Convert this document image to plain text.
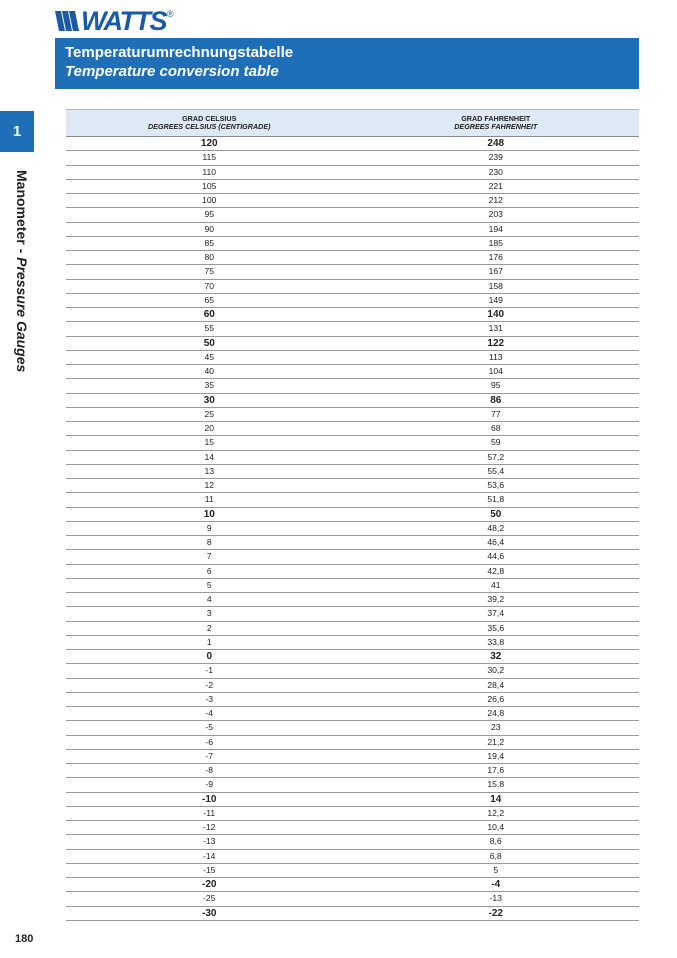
WATTS ®
Temperaturumrechnungstabelle
Temperature conversion table
1
Manometer - Pressure Gauges
GRAD CELSIUS
DEGREES CELSIUS (CENTIGRADE)
GRAD FAHRENHEIT
DEGREES FAHRENHEIT
120	248
115	239
110	230
105	221
100	212
95	203
90	194
85	185
80	176
75	167
70	158
65	149
60	140
55	131
50	122
45	113
40	104
35	95
30	86
25	77
20	68
15	59
14	57,2
13	55,4
12	53,6
11	51,8
10	50
9	48,2
8	46,4
7	44,6
6	42,8
5	41
4	39,2
3	37,4
2	35,6
1	33,8
0	32
-1	30,2
-2	28,4
-3	26,6
-4	24,8
-5	23
-6	21,2
-7	19,4
-8	17,6
-9	15,8
-10	14
-11	12,2
-12	10,4
-13	8,6
-14	6,8
-15	5
-20	-4
-25	-13
-30	-22
180
